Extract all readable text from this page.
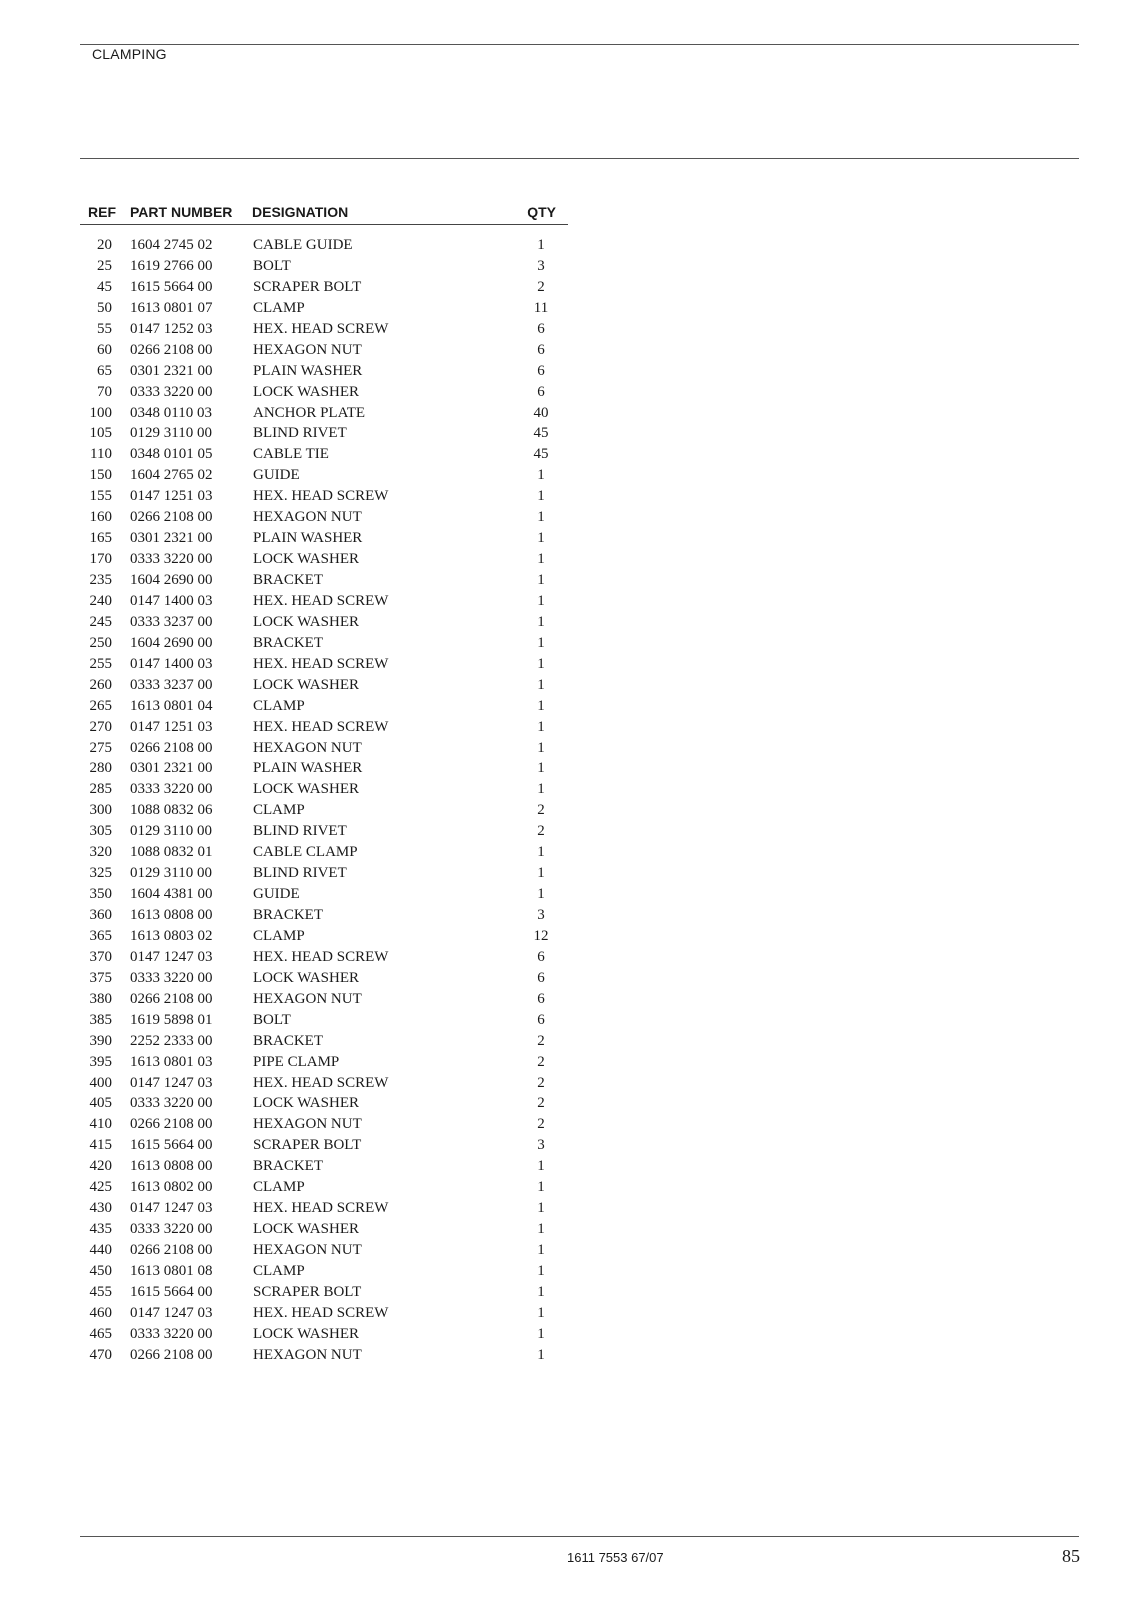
CLAMPING
REF PART NUMBER DESIGNATION	QTY
20 1604 2745 02	CABLE GUIDE	1
25 1619 2766 00	BOLT	3
45 1615 5664 00	SCRAPER BOLT	2
50 1613 0801 07	CLAMP	11
55 0147 1252 03	HEX. HEAD SCREW	6
60 0266 2108 00	HEXAGON NUT	6
65 0301 2321 00	PLAIN WASHER	6
70 0333 3220 00	LOCK WASHER	6
100 0348 0110 03	ANCHOR PLATE	40
105 0129 3110 00	BLIND RIVET	45
110 0348 0101 05	CABLE TIE	45
150 1604 2765 02	GUIDE	1
155 0147 1251 03	HEX. HEAD SCREW	1
160 0266 2108 00	HEXAGON NUT	1
165 0301 2321 00	PLAIN WASHER	1
170 0333 3220 00	LOCK WASHER	1
235 1604 2690 00	BRACKET	1
240 0147 1400 03	HEX. HEAD SCREW	1
245 0333 3237 00	LOCK WASHER	1
250 1604 2690 00	BRACKET	1
255 0147 1400 03	HEX. HEAD SCREW	1
260 0333 3237 00	LOCK WASHER	1
265 1613 0801 04	CLAMP	1
270 0147 1251 03	HEX. HEAD SCREW	1
275 0266 2108 00	HEXAGON NUT	1
280 0301 2321 00	PLAIN WASHER	1
285 0333 3220 00	LOCK WASHER	1
300 1088 0832 06	CLAMP	2
305 0129 3110 00	BLIND RIVET	2
320 1088 0832 01	CABLE CLAMP	1
325 0129 3110 00	BLIND RIVET	1
350 1604 4381 00	GUIDE	1
360 1613 0808 00	BRACKET	3
365 1613 0803 02	CLAMP	12
370 0147 1247 03	HEX. HEAD SCREW	6
375 0333 3220 00	LOCK WASHER	6
380 0266 2108 00	HEXAGON NUT	6
385 1619 5898 01	BOLT	6
390 2252 2333 00	BRACKET	2
395 1613 0801 03	PIPE CLAMP	2
400 0147 1247 03	HEX. HEAD SCREW	2
405 0333 3220 00	LOCK WASHER	2
410 0266 2108 00	HEXAGON NUT	2
415 1615 5664 00	SCRAPER BOLT	3
420 1613 0808 00	BRACKET	1
425 1613 0802 00	CLAMP	1
430 0147 1247 03	HEX. HEAD SCREW	1
435 0333 3220 00	LOCK WASHER	1
440 0266 2108 00	HEXAGON NUT	1
450 1613 0801 08	CLAMP	1
455 1615 5664 00	SCRAPER BOLT	1
460 0147 1247 03	HEX. HEAD SCREW	1
465 0333 3220 00	LOCK WASHER	1
470 0266 2108 00	HEXAGON NUT	1
1611 7553 67/07	85
